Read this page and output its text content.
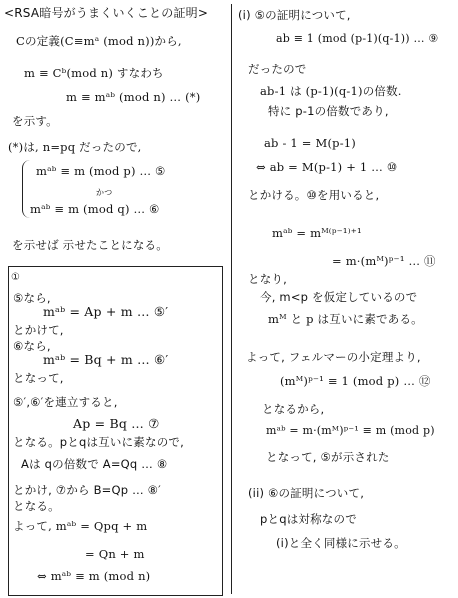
<RSA暗号がうまくいくことの証明>
Cの定義(C≡mᵃ (mod n))から,
m ≡ Cᵇ(mod n) すなわち
m ≡ mᵃᵇ (mod n) … (*)
を示す。
(*)は, n=pq だったので,
mᵃᵇ ≡ m (mod p) … ⑤
かつ
mᵃᵇ ≡ m (mod q) … ⑥
を示せば 示せたことになる。
①
⑤なら,
mᵃᵇ = Ap + m … ⑤′
とかけて,
⑥なら,
mᵃᵇ = Bq + m … ⑥′
となって,
⑤′,⑥′を連立すると,
Ap = Bq … ⑦
となる。pとqは互いに素なので,
Aは qの倍数で A=Qq … ⑧
とかけ, ⑦から B=Qp … ⑧′
となる。
よって, mᵃᵇ = Qpq + m
= Qn + m
⇔ mᵃᵇ ≡ m (mod n)
(i) ⑤の証明について,
ab ≡ 1 (mod (p-1)(q-1)) … ⑨
だったので
ab-1 は (p-1)(q-1)の倍数.
特に p-1の倍数であり,
ab - 1 = M(p-1)
⇔ ab = M(p-1) + 1 … ⑩
とかける。⑩を用いると,
mᵃᵇ = mᴹ⁽ᵖ⁻¹⁾⁺¹
= m·(mᴹ)ᵖ⁻¹ … ⑪
となり,
今, m<p を仮定しているので
mᴹ と p は互いに素である。
よって, フェルマーの小定理より,
(mᴹ)ᵖ⁻¹ ≡ 1 (mod p) … ⑫
となるから,
mᵃᵇ = m·(mᴹ)ᵖ⁻¹ ≡ m (mod p)
となって, ⑤が示された
(ii) ⑥の証明について,
pとqは対称なので
(i)と全く同様に示せる。
